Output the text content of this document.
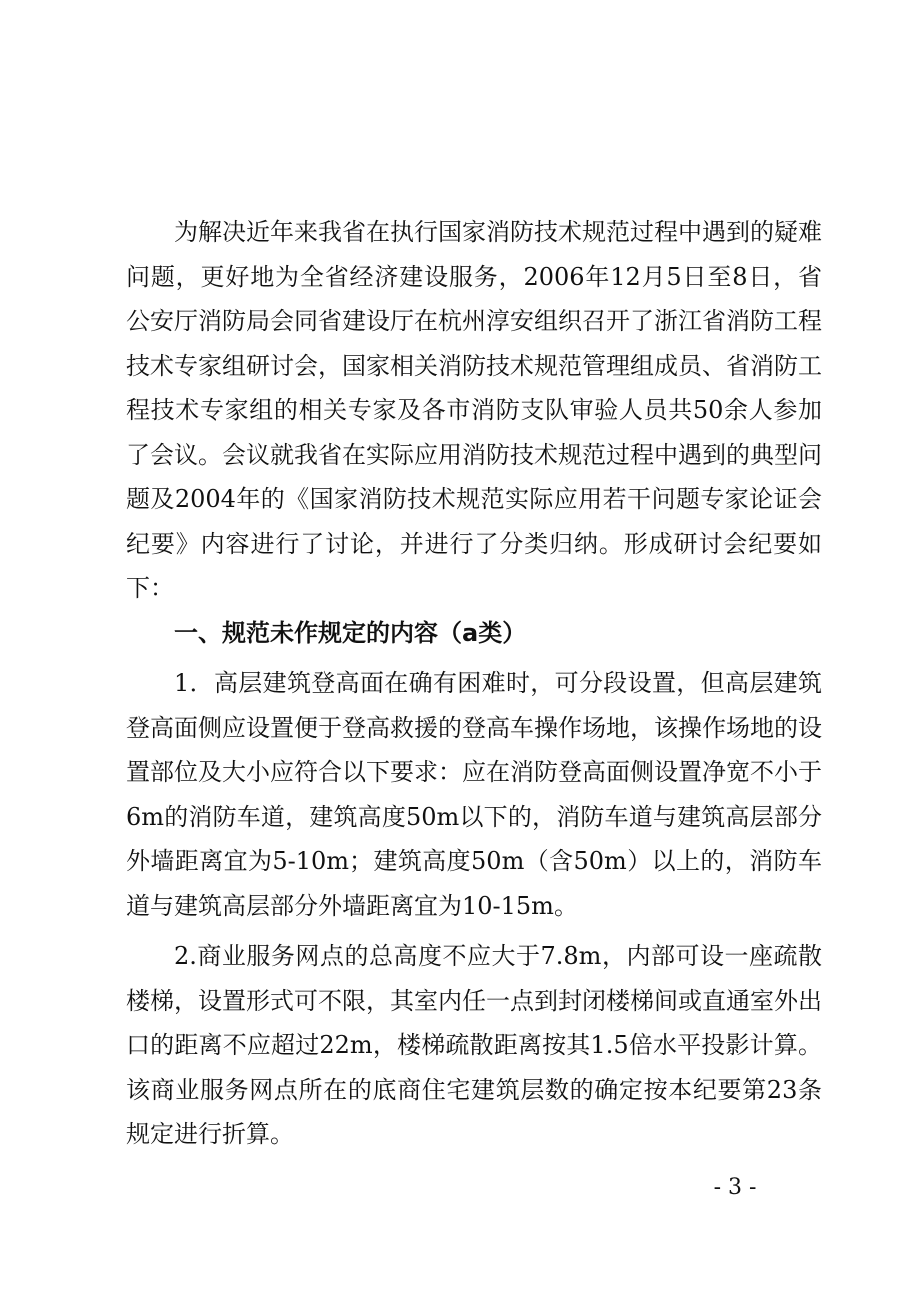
为解决近年来我省在执行国家消防技术规范过程中遇到的疑难问题，更好地为全省经济建设服务，2006年12月5日至8日，省公安厅消防局会同省建设厅在杭州淳安组织召开了浙江省消防工程技术专家组研讨会，国家相关消防技术规范管理组成员、省消防工程技术专家组的相关专家及各市消防支队审验人员共50余人参加了会议。会议就我省在实际应用消防技术规范过程中遇到的典型问题及2004年的《国家消防技术规范实际应用若干问题专家论证会纪要》内容进行了讨论，并进行了分类归纳。形成研讨会纪要如下：

一、规范未作规定的内容（a类）

1．高层建筑登高面在确有困难时，可分段设置，但高层建筑登高面侧应设置便于登高救援的登高车操作场地，该操作场地的设置部位及大小应符合以下要求：应在消防登高面侧设置净宽不小于6m的消防车道，建筑高度50m以下的，消防车道与建筑高层部分外墙距离宜为5-10m；建筑高度50m（含50m）以上的，消防车道与建筑高层部分外墙距离宜为10-15m。

2.商业服务网点的总高度不应大于7.8m，内部可设一座疏散楼梯，设置形式可不限，其室内任一点到封闭楼梯间或直通室外出口的距离不应超过22m，楼梯疏散距离按其1.5倍水平投影计算。该商业服务网点所在的底商住宅建筑层数的确定按本纪要第23条规定进行折算。

- 3 -
